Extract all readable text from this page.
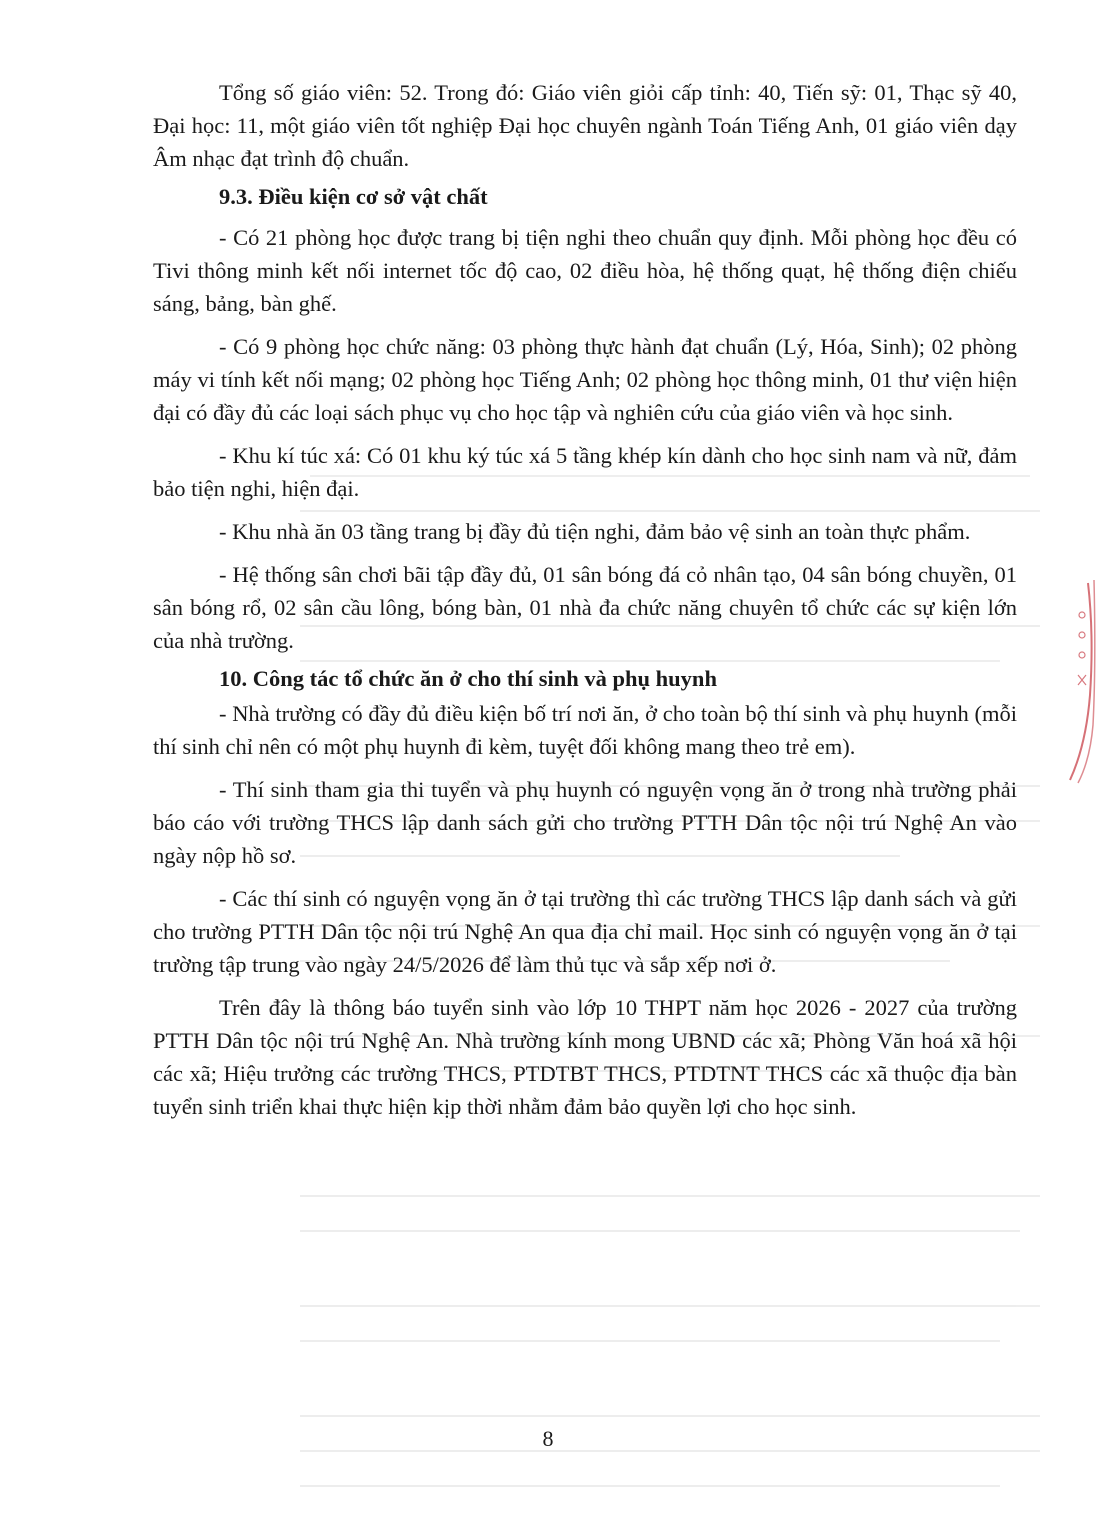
Tổng số giáo viên: 52. Trong đó: Giáo viên giỏi cấp tỉnh: 40, Tiến sỹ: 01, Thạc sỹ 40, Đại học: 11, một giáo viên tốt nghiệp Đại học chuyên ngành Toán Tiếng Anh, 01 giáo viên dạy Âm nhạc đạt trình độ chuẩn.

9.3. Điều kiện cơ sở vật chất

- Có 21 phòng học được trang bị tiện nghi theo chuẩn quy định. Mỗi phòng học đều có Tivi thông minh kết nối internet tốc độ cao, 02 điều hòa, hệ thống quạt, hệ thống điện chiếu sáng, bảng, bàn ghế.

- Có 9 phòng học chức năng: 03 phòng thực hành đạt chuẩn (Lý, Hóa, Sinh); 02 phòng máy vi tính kết nối mạng; 02 phòng học Tiếng Anh; 02 phòng học thông minh, 01 thư viện hiện đại có đầy đủ các loại sách phục vụ cho học tập và nghiên cứu của giáo viên và học sinh.

- Khu kí túc xá: Có 01 khu ký túc xá 5 tầng khép kín dành cho học sinh nam và nữ, đảm bảo tiện nghi, hiện đại.

- Khu nhà ăn 03 tầng trang bị đầy đủ tiện nghi, đảm bảo vệ sinh an toàn thực phẩm.

- Hệ thống sân chơi bãi tập đầy đủ, 01 sân bóng đá cỏ nhân tạo, 04 sân bóng chuyền, 01 sân bóng rổ, 02 sân cầu lông, bóng bàn, 01 nhà đa chức năng chuyên tổ chức các sự kiện lớn của nhà trường.

10. Công tác tổ chức ăn ở cho thí sinh và phụ huynh

- Nhà trường có đầy đủ điều kiện bố trí nơi ăn, ở cho toàn bộ thí sinh và phụ huynh (mỗi thí sinh chỉ nên có một phụ huynh đi kèm, tuyệt đối không mang theo trẻ em).

- Thí sinh tham gia thi tuyển và phụ huynh có nguyện vọng ăn ở trong nhà trường phải báo cáo với trường THCS lập danh sách gửi cho trường PTTH Dân tộc nội trú Nghệ An vào ngày nộp hồ sơ.

- Các thí sinh có nguyện vọng ăn ở tại trường thì các trường THCS lập danh sách và gửi cho trường PTTH Dân tộc nội trú Nghệ An qua địa chỉ mail. Học sinh có nguyện vọng ăn ở tại trường tập trung vào ngày 24/5/2026 để làm thủ tục và sắp xếp nơi ở.

Trên đây là thông báo tuyển sinh vào lớp 10 THPT năm học 2026 - 2027 của trường PTTH Dân tộc nội trú Nghệ An. Nhà trường kính mong UBND các xã; Phòng Văn hoá xã hội các xã; Hiệu trưởng các trường THCS, PTDTBT THCS, PTDTNT THCS các xã thuộc địa bàn tuyển sinh triển khai thực hiện kịp thời nhằm đảm bảo quyền lợi cho học sinh.

8
